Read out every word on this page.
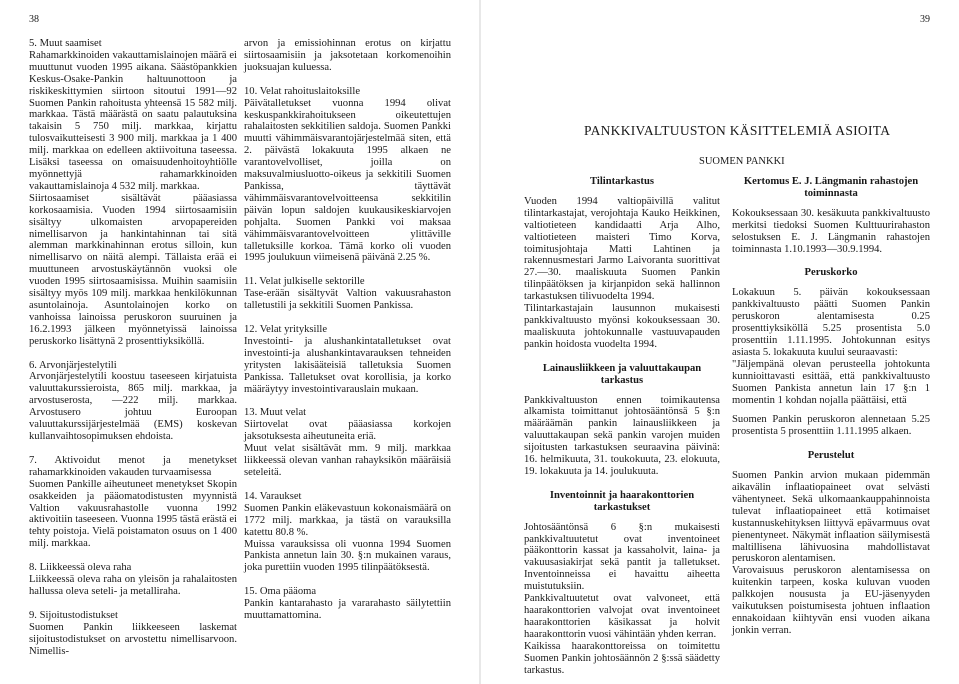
38	39
5. Muut saamiset

Rahamarkkinoiden vakauttamislainojen määrä ei muuttunut vuoden 1995 aikana. Säästöpankkien Keskus-Osake-Pankin haltuunottoon ja riskikeskittymien siirtoon sitoutui 1991—92 Suomen Pankin rahoitusta yhteensä 15 582 milj. markkaa. Tästä määrästä on saatu palautuksina takaisin 5 750 milj. markkaa, kirjattu tulosvaikutteisesti 3 900 milj. markkaa ja 1 400 milj. markkaa on edelleen aktiivoituna taseessa. Lisäksi taseessa on omaisuudenhoitoyhtiölle myönnettyjä rahamarkkinoiden vakauttamislainoja 4 532 milj. markkaa.

Siirtosaamiset sisältävät pääasiassa korkosaamisia. Vuoden 1994 siirtosaamisiin sisältyy ulkomaisten arvopapereiden nimellisarvon ja hankintahinnan tai sitä alemman markkinahinnan erotus silloin, kun nimellisarvo on näitä alempi. Tällaista erää ei muuttuneen arvostuskäytännön vuoksi ole vuoden 1995 siirtosaamisissa. Muihin saamisiin sisältyy myös 109 milj. markkaa henkilökunnan asuntolainoja. Asuntolainojen korko on vanhoissa lainoissa peruskoron suuruinen ja 16.2.1993 jälkeen myönnetyissä lainoissa peruskorko lisättynä 2 prosenttiyksiköllä.

6. Arvonjärjestelytili

Arvonjärjestelytili koostuu taseeseen kirjatuista valuuttakurssieroista, 865 milj. markkaa, ja arvostuserosta, —222 milj. markkaa. Arvostusero johtuu Euroopan valuuttakurssijärjestelmää (EMS) koskevan kullanvaihtosopimuksen ehdoista.

7. Aktivoidut menot ja menetykset rahamarkkinoiden vakauden turvaamisessa

Suomen Pankille aiheutuneet menetykset Skopin osakkeiden ja pääomatodistusten myynnistä Valtion vakuusrahastolle vuonna 1992 aktivoitiin taseeseen. Vuonna 1995 tästä erästä ei tehty poistoja. Vielä poistamaton osuus on 1 400 milj. markkaa.

8. Liikkeessä oleva raha

Liikkeessä oleva raha on yleisön ja rahalaitosten hallussa oleva seteli- ja metallirahа.

9. Sijoitustodistukset

Suomen Pankin liikkeeseen laskemat sijoitustodistukset on arvostettu nimellisarvoon. Nimellis-

arvon ja emissiohinnan erotus on kirjattu siirtosaamisiin ja jaksotetaan korkomenoihin juoksuajan kuluessa.

10. Velat rahoituslaitoksille

Päivätalletukset vuonna 1994 olivat keskuspankkirahoitukseen oikeutettujen rahalaitosten sekkitilien saldoja. Suomen Pankki muutti vähimmäisvarantojärjestelmää siten, että 2. päivästä lokakuuta 1995 alkaen ne varantovelvolliset, joilla on maksuvalmiusluotto-oikeus ja sekkitili Suomen Pankissa, täyttävät vähimmäisvarantovelvoitteensa sekkitilin päivän lopun saldojen kuukausikeskiarvojen pohjalta. Suomen Pankki voi maksaa vähimmäisvarantovelvoitteen ylittäville talletuksille korkoa. Tämä korko oli vuoden 1995 joulukuun viimeisenä päivänä 2.25 %.

11. Velat julkiselle sektorille

Tase-erään sisältyvät Valtion vakuusrahaston talletustili ja sekkitili Suomen Pankissa.

12. Velat yrityksille

Investointi- ja alushankintatalletukset ovat investointi-ja alushankintavarauksen tehneiden yritysten lakisääteisiä talletuksia Suomen Pankissa. Talletukset ovat korollisia, ja korko määräytyy investointivarauslain mukaan.

13. Muut velat

Siirtovelat ovat pääasiassa korkojen jaksotuksesta aiheutuneita eriä.

Muut velat sisältävät mm. 9 milj. markkaa liikkeessä olevan vanhan rahayksikön määräisiä seteleitä.

14. Varaukset

Suomen Pankin eläkevastuun kokonaismäärä on 1772 milj. markkaa, ja tästä on varauksilla katettu 80.8 %.

Muissa varauksissa oli vuonna 1994 Suomen Pankista annetun lain 30. §:n mukainen varaus, joka purettiin vuoden 1995 tilinpäätöksestä.

15. Oma pääoma

Pankin kantarahasto ja vararahasto säilytettiin muuttamattomina.

PANKKIVALTUUSTON KÄSITTELEMIÄ ASIOITA
SUOMEN PANKKI
Tilintarkastus

Vuoden 1994 valtiopäivillä valitut tilintarkastajat, verojohtaja Kauko Heikkinen, valtiotieteen kandidaatti Arja Alho, valtiotieteen maisteri Timo Korva, toimitusjohtaja Matti Lahtinen ja rakennusmestari Jarmo Laivoranta suorittivat 27.—30. maaliskuuta Suomen Pankin tilinpäätöksen ja kirjanpidon sekä hallinnon tarkastuksen tilivuodelta 1994.

Tilintarkastajain lausunnon mukaisesti pankkivaltuusto myönsi kokouksessaan 30. maaliskuuta johtokunnalle vastuuvapauden pankin hoidosta vuodelta 1994.

Lainausliikkeen ja valuuttakaupan tarkastus

Pankkivaltuuston ennen toimikautensa alkamista toimittanut johtosääntönsä 5 §:n määräämän pankin lainausliikkeen ja valuuttakaupan sekä pankin varojen muiden sijoitusten tarkastuksen seuraavina päivinä: 16. helmikuuta, 31. toukokuuta, 23. elokuuta, 19. lokakuuta ja 14. joulukuuta.

Inventoinnit ja haarakonttorien tarkastukset

Johtosääntönsä 6 §:n mukaisesti pankkivaltuutetut ovat inventoineet pääkonttorin kassat ja kassaholvit, laina- ja vakuusasiakirjat sekä pantit ja talletukset. Inventoinneissa ei havaittu aiheetta muistutuksiin.

Pankkivaltuutetut ovat valvoneet, että haarakonttorien valvojat ovat inventoineet haarakonttorien käsikassat ja holvit haarakonttorin vuosi vähintään yhden kerran.

Kaikissa haarakonttoreissa on toimitettu Suomen Pankin johtosäännön 2 §:ssä säädetty tarkastus.

Kertomus E. J. Längmanin rahastojen toiminnasta

Kokouksessaan 30. kesäkuuta pankkivaltuusto merkitsi tiedoksi Suomen Kulttuurirahaston selostuksen E. J. Längmanin rahastojen toiminnasta 1.10.1993—30.9.1994.

Peruskorko

Lokakuun 5. päivän kokouksessaan pankkivaltuusto päätti Suomen Pankin peruskoron alentamisesta 0.25 prosenttiyksiköllä 5.25 prosentista 5.0 prosenttiin 1.11.1995. Johtokunnan esitys asiasta 5. lokakuuta kuului seuraavasti:

"Jäljempänä olevan perusteella johtokunta kunnioittavasti esittää, että pankkivaltuusto Suomen Pankista annetun lain 17 §:n 1 momentin 1 kohdan nojalla päättäisi, että

Suomen Pankin peruskoron alennetaan 5.25 prosentista 5 prosenttiin 1.11.1995 alkaen.

Perustelut

Suomen Pankin arvion mukaan pidemmän aikavälin inflaatiopaineet ovat selvästi vähentyneet. Sekä ulkomaankauppahinnoista tulevat inflaatiopaineet että kotimaiset kustannuskehityksen liittyvä epävarmuus ovat pienentyneet. Näkymät inflaation säilymisestä maltillisena lähivuosina mahdollistavat peruskoron alentamisen.

Varovaisuus peruskoron alentamisessa on kuitenkin tarpeen, koska kuluvan vuoden palkkojen noususta ja EU-jäsenyyden vaikutuksen poistumisesta johtuen inflaation ennakoidaan kiihtyvän ensi vuoden aikana jonkin verran.
